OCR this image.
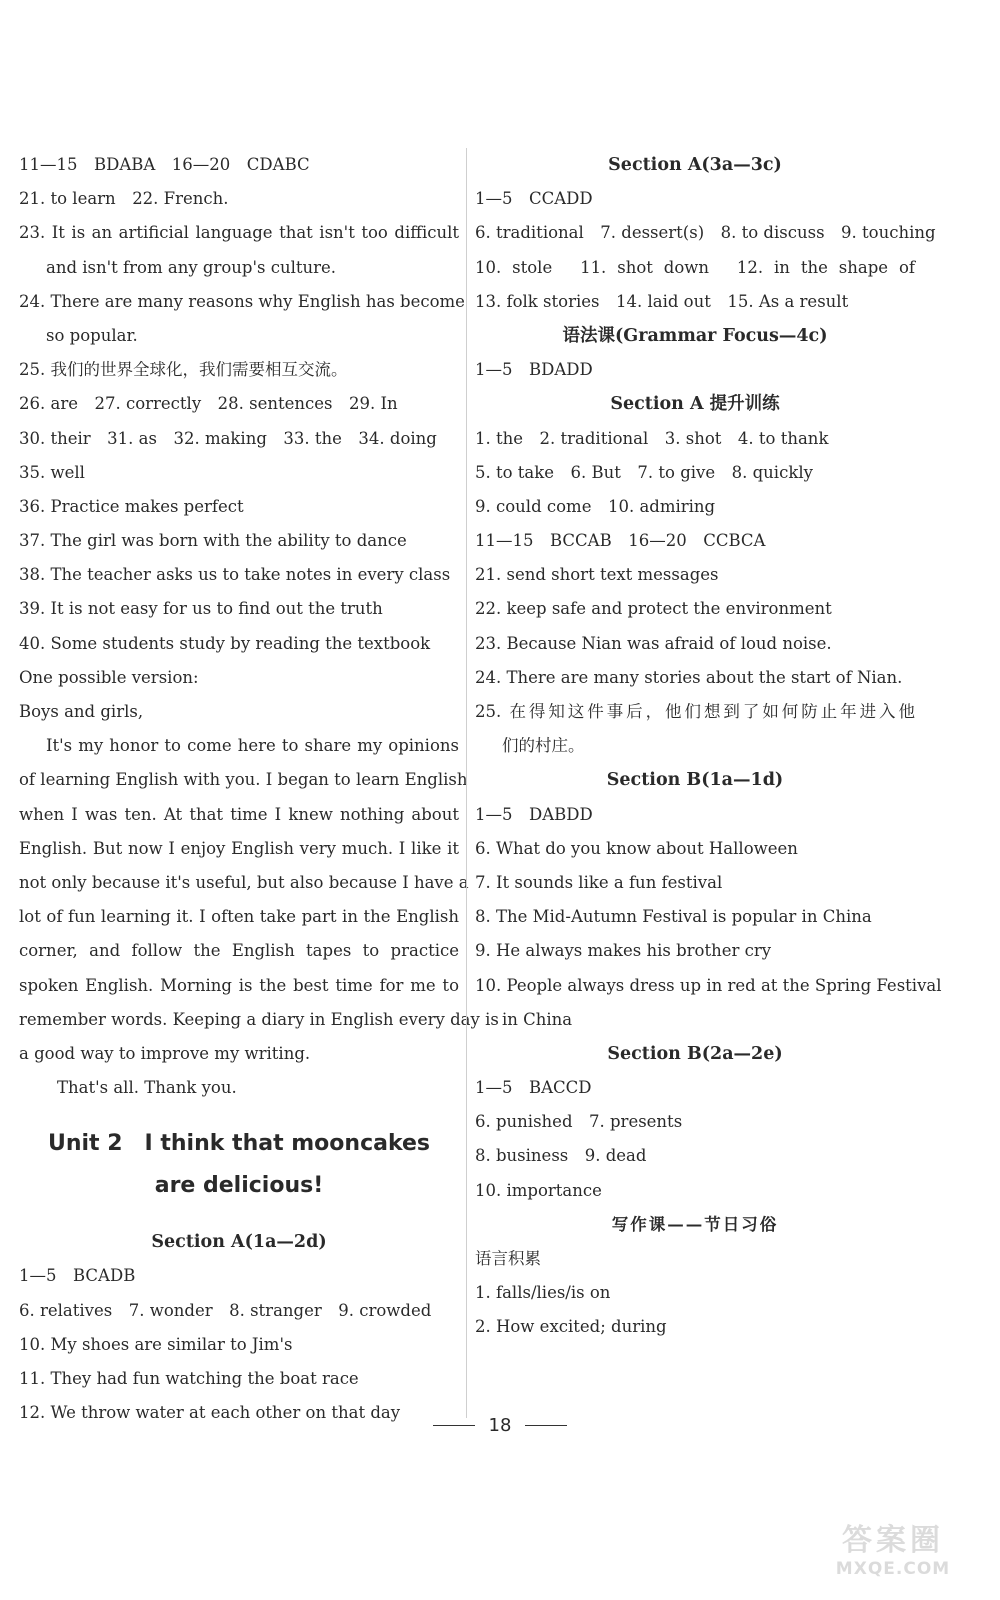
11—15　BDABA　16—20　CDABC
21. to learn　22. French.
23. It is an artificial language that isn't too difficult
and isn't from any group's culture.
24. There are many reasons why English has become
so popular.
25. 我们的世界全球化，我们需要相互交流。
26. are　27. correctly　28. sentences　29. In
30. their　31. as　32. making　33. the　34. doing
35. well
36. Practice makes perfect
37. The girl was born with the ability to dance
38. The teacher asks us to take notes in every class
39. It is not easy for us to find out the truth
40. Some students study by reading the textbook
One possible version:
Boys and girls,
It's my honor to come here to share my opinions
of learning English with you. I began to learn English
when I was ten. At that time I knew nothing about
English. But now I enjoy English very much. I like it
not only because it's useful, but also because I have a
lot of fun learning it. I often take part in the English
corner, and follow the English tapes to practice
spoken English. Morning is the best time for me to
remember words. Keeping a diary in English every day is
a good way to improve my writing.
That's all. Thank you.
Unit 2　I think that mooncakes
are delicious!
Section A(1a—2d)
1—5　BCADB
6. relatives　7. wonder　8. stranger　9. crowded
10. My shoes are similar to Jim's
11. They had fun watching the boat race
12. We throw water at each other on that day
Section A(3a—3c)
1—5　CCADD
6. traditional　7. dessert(s)　8. to discuss　9. touching
10. stole　11. shot down　12. in the shape of
13. folk stories　14. laid out　15. As a result
语法课(Grammar Focus—4c)
1—5　BDADD
Section A 提升训练
1. the　2. traditional　3. shot　4. to thank
5. to take　6. But　7. to give　8. quickly
9. could come　10. admiring
11—15　BCCAB　16—20　CCBCA
21. send short text messages
22. keep safe and protect the environment
23. Because Nian was afraid of loud noise.
24. There are many stories about the start of Nian.
25. 在得知这件事后，他们想到了如何防止年进入他
们的村庄。
Section B(1a—1d)
1—5　DABDD
6. What do you know about Halloween
7. It sounds like a fun festival
8. The Mid-Autumn Festival is popular in China
9. He always makes his brother cry
10. People always dress up in red at the Spring Festival
in China
Section B(2a—2e)
1—5　BACCD
6. punished　7. presents
8. business　9. dead
10. importance
写作课——节日习俗
语言积累
1. falls/lies/is on
2. How excited; during
18
答案圈
MXQE.COM
